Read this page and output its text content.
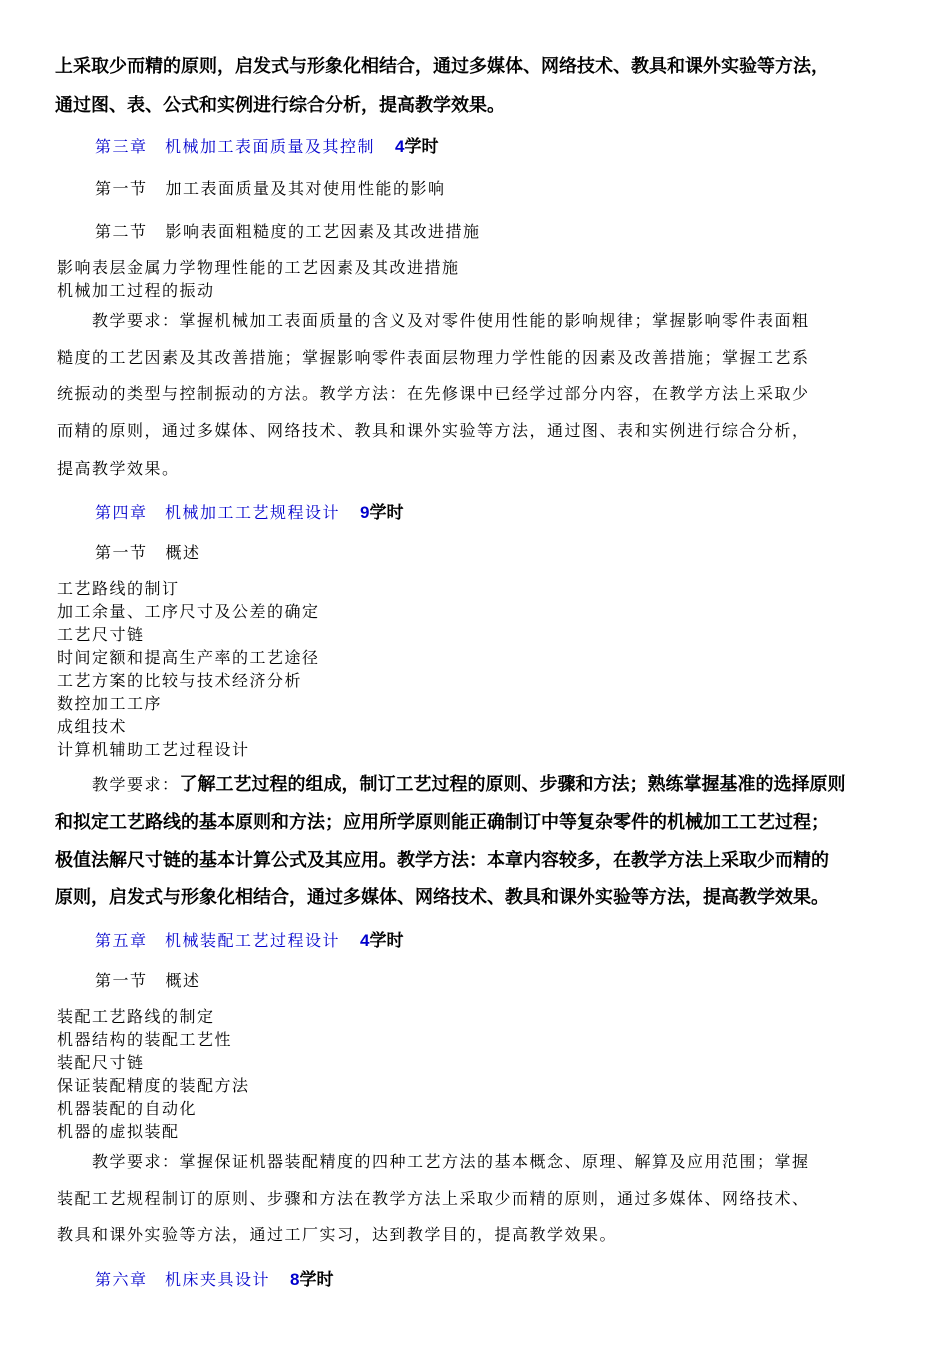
上采取少而精的原则，启发式与形象化相结合，通过多媒体、网络技术、教具和课外实验等方法，
通过图、表、公式和实例进行综合分析，提高教学效果。
第三章　机械加工表面质量及其控制 4学时
第一节 加工表面质量及其对使用性能的影响
第二节 影响表面粗糙度的工艺因素及其改进措施
影响表层金属力学物理性能的工艺因素及其改进措施
机械加工过程的振动
　　教学要求：掌握机械加工表面质量的含义及对零件使用性能的影响规律；掌握影响零件表面粗
糙度的工艺因素及其改善措施；掌握影响零件表面层物理力学性能的因素及改善措施；掌握工艺系
统振动的类型与控制振动的方法。教学方法：在先修课中已经学过部分内容，在教学方法上采取少
而精的原则，通过多媒体、网络技术、教具和课外实验等方法，通过图、表和实例进行综合分析，
提高教学效果。
第四章　机械加工工艺规程设计 9学时
第一节 概述
工艺路线的制订
加工余量、工序尺寸及公差的确定
工艺尺寸链
时间定额和提高生产率的工艺途径
工艺方案的比较与技术经济分析
数控加工工序
成组技术
计算机辅助工艺过程设计
　　教学要求：了解工艺过程的组成，制订工艺过程的原则、步骤和方法；熟练掌握基准的选择原则
和拟定工艺路线的基本原则和方法；应用所学原则能正确制订中等复杂零件的机械加工工艺过程；
极值法解尺寸链的基本计算公式及其应用。教学方法：本章内容较多，在教学方法上采取少而精的
原则，启发式与形象化相结合，通过多媒体、网络技术、教具和课外实验等方法，提高教学效果。
第五章　机械装配工艺过程设计 4学时
第一节 概述
装配工艺路线的制定
机器结构的装配工艺性
装配尺寸链
保证装配精度的装配方法
机器装配的自动化
机器的虚拟装配
　　教学要求：掌握保证机器装配精度的四种工艺方法的基本概念、原理、解算及应用范围；掌握
装配工艺规程制订的原则、步骤和方法在教学方法上采取少而精的原则，通过多媒体、网络技术、
教具和课外实验等方法，通过工厂实习，达到教学目的，提高教学效果。
第六章　机床夹具设计 8学时
